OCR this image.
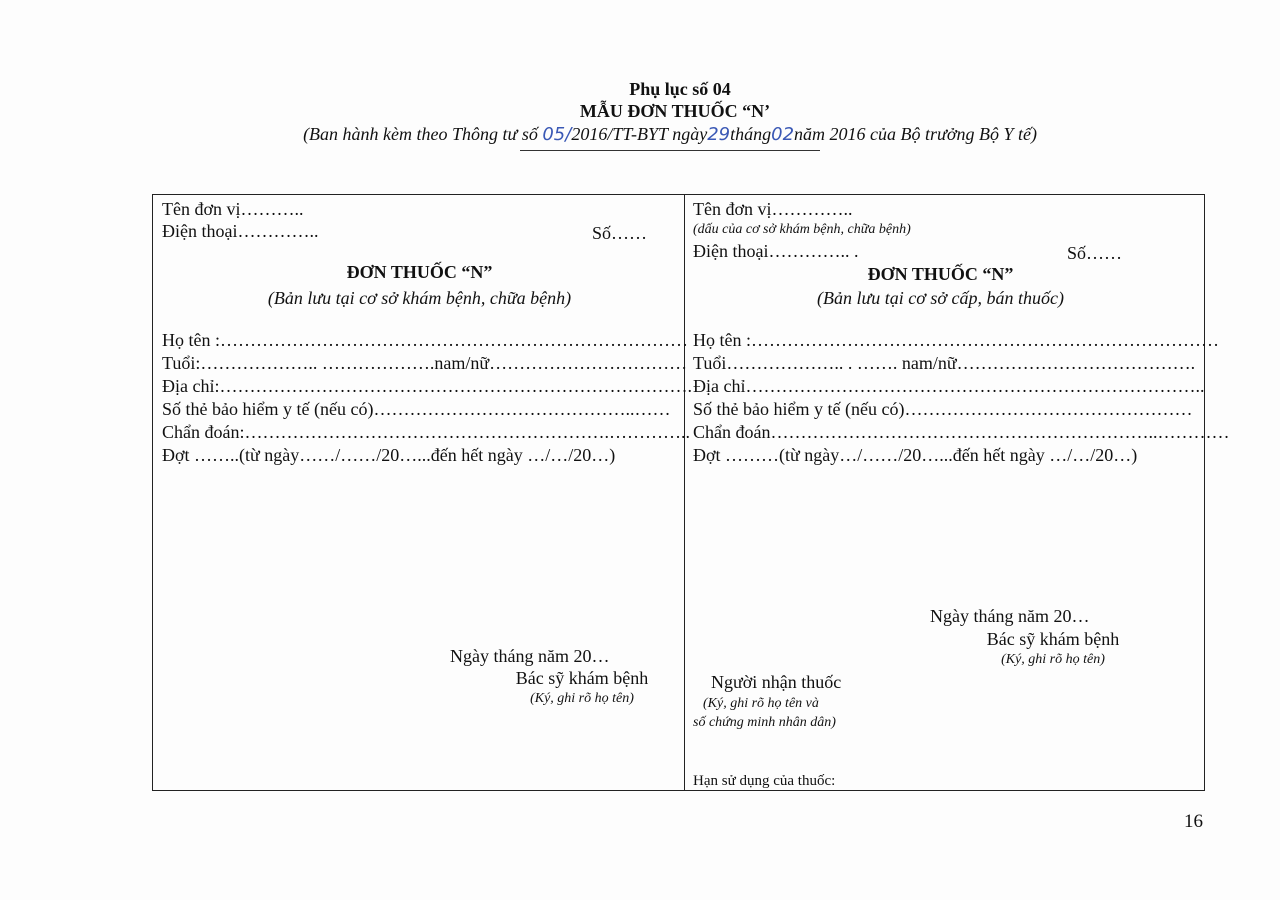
Phụ lục số 04
MẪU ĐƠN THUỐC “N’
(Ban hành kèm theo Thông tư số 05/2016/TT-BYT ngày29tháng02năm 2016 của Bộ trưởng Bộ Y tế)
Tên đơn vị………..
Điện thoại…………..	Số……
ĐƠN THUỐC “N”
(Bản lưu tại cơ sở khám bệnh, chữa bệnh)
Họ tên :……………………………………………………………………
Tuổi:……………….. ……………….nam/nữ……………………………
Địa chỉ:…………………………………………………………………….
Số thẻ bảo hiểm y tế (nếu có)……………………………………..……
Chẩn đoán:…………………………………………………….…………..
Đợt ……..(từ ngày……/……/20…...đến hết ngày …/…/20…)
Ngày tháng năm 20…
Bác sỹ khám bệnh
(Ký, ghi rõ họ tên)
Tên đơn vị…………..
(dấu của cơ sở khám bệnh, chữa bệnh)
Điện thoại………….. .	Số……
ĐƠN THUỐC “N”
(Bản lưu tại cơ sở cấp, bán thuốc)
Họ tên :……………………………………………………………………
Tuổi……………….. . ……. nam/nữ………………………………….
Địa chỉ…………………………………………………………………..
Số thẻ bảo hiểm y tế (nếu có)…………………………………………
Chẩn đoán………………………………………………………..…………
Đợt ………(từ ngày…/……/20…...đến hết ngày …/…/20…)
Ngày tháng năm 20…
Bác sỹ khám bệnh
(Ký, ghi rõ họ tên)
Người nhận thuốc
(Ký, ghi rõ họ tên và
số chứng minh nhân dân)
Hạn sử dụng của thuốc:
16
